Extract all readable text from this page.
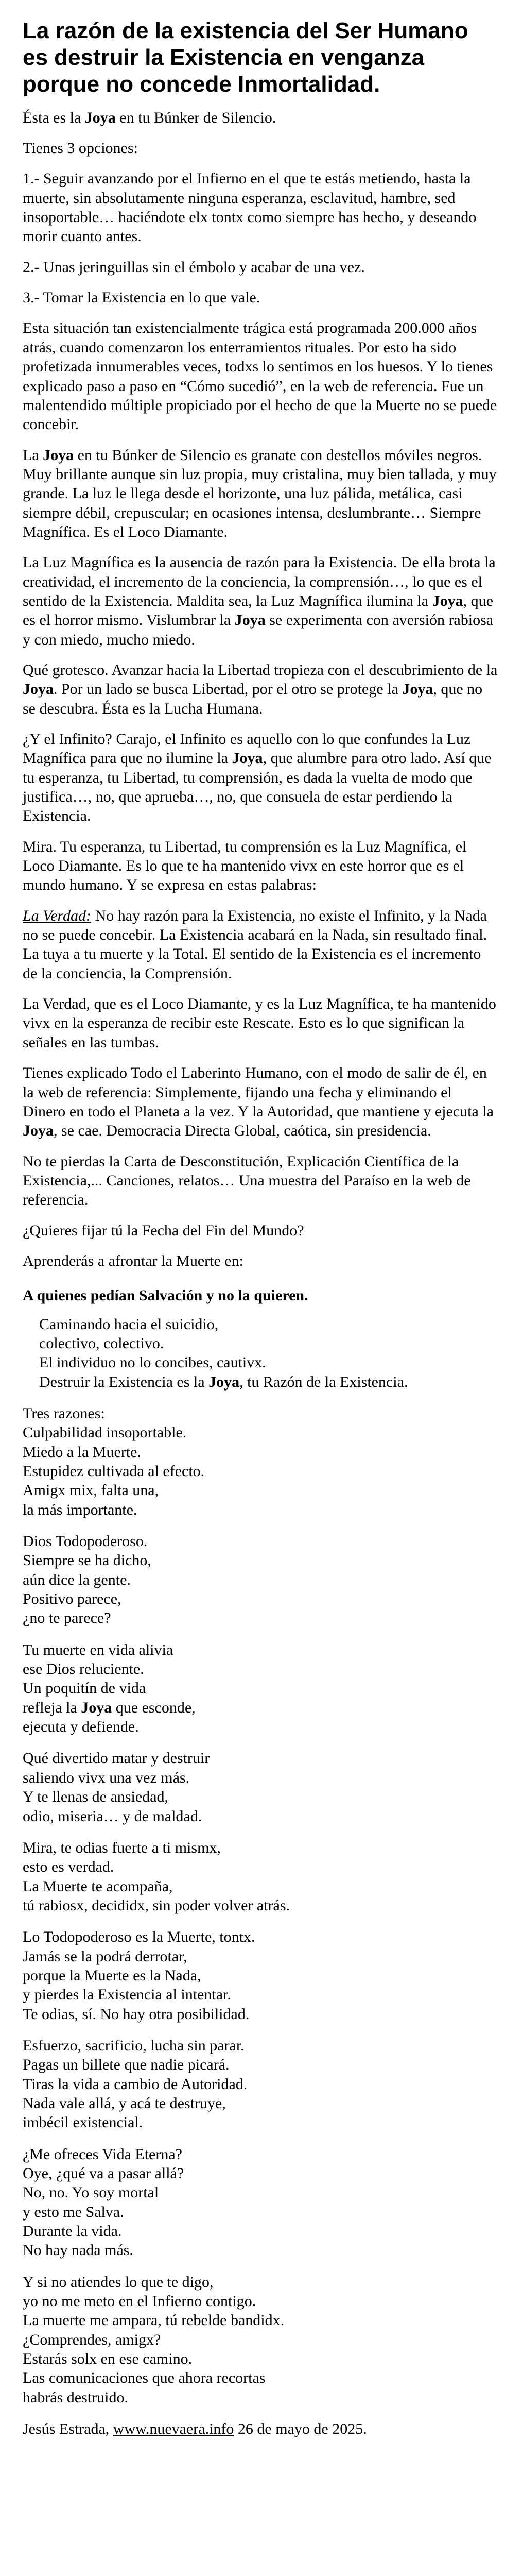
La razón de la existencia del Ser Humano es destruir la Existencia en venganza porque no concede Inmortalidad.

Ésta es la Joya en tu Búnker de Silencio.

Tienes 3 opciones:

1.- Seguir avanzando por el Infierno en el que te estás metiendo, hasta la muerte, sin absolutamente ninguna esperanza, esclavitud, hambre, sed insoportable… haciéndote elx tontx como siempre has hecho, y deseando morir cuanto antes.

2.- Unas jeringuillas sin el émbolo y acabar de una vez.

3.- Tomar la Existencia en lo que vale.

Esta situación tan existencialmente trágica está programada 200.000 años atrás, cuando comenzaron los enterramientos rituales. Por esto ha sido profetizada innumerables veces, todxs lo sentimos en los huesos. Y lo tienes explicado paso a paso en “Cómo sucedió”, en la web de referencia. Fue un malentendido múltiple propiciado por el hecho de que la Muerte no se puede concebir.

La Joya en tu Búnker de Silencio es granate con destellos móviles negros. Muy brillante aunque sin luz propia, muy cristalina, muy bien tallada, y muy grande. La luz le llega desde el horizonte, una luz pálida, metálica, casi siempre débil, crepuscular; en ocasiones intensa, deslumbrante… Siempre Magnífica. Es el Loco Diamante.

La Luz Magnífica es la ausencia de razón para la Existencia. De ella brota la creatividad, el incremento de la conciencia, la comprensión…, lo que es el sentido de la Existencia. Maldita sea, la Luz Magnífica ilumina la Joya, que es el horror mismo. Vislumbrar la Joya se experimenta con aversión rabiosa y con miedo, mucho miedo.

Qué grotesco. Avanzar hacia la Libertad tropieza con el descubrimiento de la Joya. Por un lado se busca Libertad, por el otro se protege la Joya, que no se descubra. Ésta es la Lucha Humana.

¿Y el Infinito? Carajo, el Infinito es aquello con lo que confundes la Luz Magnífica para que no ilumine la Joya, que alumbre para otro lado. Así que tu esperanza, tu Libertad, tu comprensión, es dada la vuelta de modo que justifica…, no, que aprueba…, no, que consuela de estar perdiendo la Existencia.

Mira. Tu esperanza, tu Libertad, tu comprensión es la Luz Magnífica, el Loco Diamante. Es lo que te ha mantenido vivx en este horror que es el mundo humano. Y se expresa en estas palabras:

La Verdad: No hay razón para la Existencia, no existe el Infinito, y la Nada no se puede concebir. La Existencia acabará en la Nada, sin resultado final. La tuya a tu muerte y la Total. El sentido de la Existencia es el incremento de la conciencia, la Comprensión.

La Verdad, que es el Loco Diamante, y es la Luz Magnífica, te ha mantenido vivx en la esperanza de recibir este Rescate. Esto es lo que significan la señales en las tumbas.

Tienes explicado Todo el Laberinto Humano, con el modo de salir de él, en la web de referencia: Simplemente, fijando una fecha y eliminando el Dinero en todo el Planeta a la vez. Y la Autoridad, que mantiene y ejecuta la Joya, se cae. Democracia Directa Global, caótica, sin presidencia.

No te pierdas la Carta de Desconstitución, Explicación Científica de la Existencia,... Canciones, relatos… Una muestra del Paraíso en la web de referencia.

¿Quieres fijar tú la Fecha del Fin del Mundo?

Aprenderás a afrontar la Muerte en:

A quienes pedían Salvación y no la quieren.

Caminando hacia el suicidio,
colectivo, colectivo.
El individuo no lo concibes, cautivx.
Destruir la Existencia es la Joya, tu Razón de la Existencia.
Tres razones:
Culpabilidad insoportable.
Miedo a la Muerte.
Estupidez cultivada al efecto.
Amigx mix, falta una,
la más importante.
Dios Todopoderoso.
Siempre se ha dicho,
aún dice la gente.
Positivo parece,
¿no te parece?
Tu muerte en vida alivia
ese Dios reluciente.
Un poquitín de vida
refleja la Joya que esconde,
ejecuta y defiende.
Qué divertido matar y destruir
saliendo vivx una vez más.
Y te llenas de ansiedad,
odio, miseria… y de maldad.
Mira, te odias fuerte a ti mismx,
esto es verdad.
La Muerte te acompaña,
tú rabiosx, decididx, sin poder volver atrás.
Lo Todopoderoso es la Muerte, tontx.
Jamás se la podrá derrotar,
porque la Muerte es la Nada,
y pierdes la Existencia al intentar.
Te odias, sí. No hay otra posibilidad.
Esfuerzo, sacrificio, lucha sin parar.
Pagas un billete que nadie picará.
Tiras la vida a cambio de Autoridad.
Nada vale allá, y acá te destruye,
imbécil existencial.
¿Me ofreces Vida Eterna?
Oye, ¿qué va a pasar allá?
No, no. Yo soy mortal
y esto me Salva.
Durante la vida.
No hay nada más.
Y si no atiendes lo que te digo,
yo no me meto en el Infierno contigo.
La muerte me ampara, tú rebelde bandidx.
¿Comprendes, amigx?
Estarás solx en ese camino.
Las comunicaciones que ahora recortas
habrás destruido.

Jesús Estrada, www.nuevaera.info 26 de mayo de 2025.
